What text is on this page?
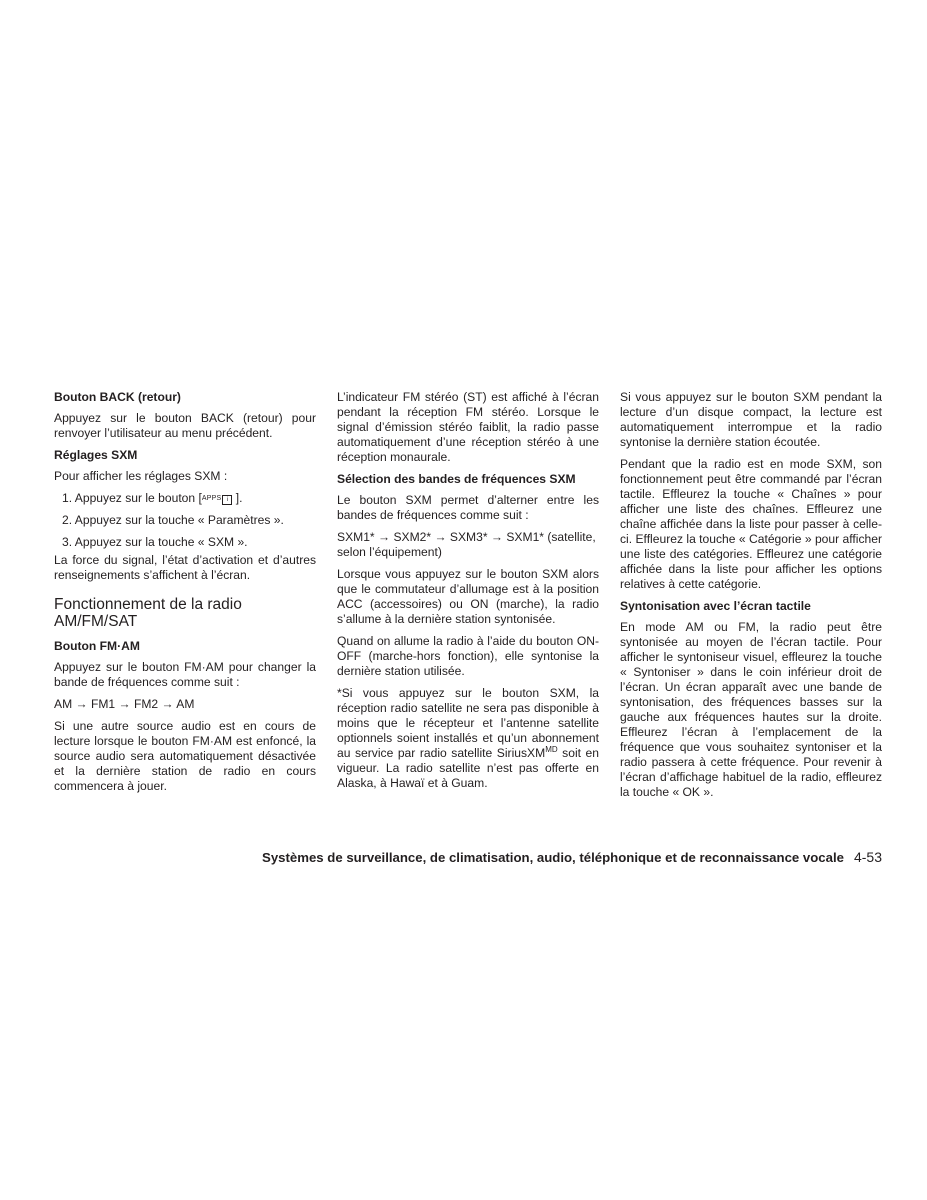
Bouton BACK (retour)

Appuyez sur le bouton BACK (retour) pour renvoyer l’utilisateur au menu précédent.

Réglages SXM

Pour afficher les réglages SXM :

1. Appuyez sur le bouton [APPS i ].
2. Appuyez sur la touche « Paramètres ».
3. Appuyez sur la touche « SXM ».

La force du signal, l’état d’activation et d’autres renseignements s’affichent à l’écran.

Fonctionnement de la radio AM/FM/SAT
Bouton FM·AM

Appuyez sur le bouton FM·AM pour changer la bande de fréquences comme suit :

AM → FM1 → FM2 → AM

Si une autre source audio est en cours de lecture lorsque le bouton FM·AM est enfoncé, la source audio sera automatiquement désactivée et la dernière station de radio en cours commencera à jouer.

L’indicateur FM stéréo (ST) est affiché à l’écran pendant la réception FM stéréo. Lorsque le signal d’émission stéréo faiblit, la radio passe automatiquement d’une réception stéréo à une réception monaurale.

Sélection des bandes de fréquences SXM

Le bouton SXM permet d’alterner entre les bandes de fréquences comme suit :

SXM1* → SXM2* → SXM3* → SXM1* (satellite, selon l’équipement)

Lorsque vous appuyez sur le bouton SXM alors que le commutateur d’allumage est à la position ACC (accessoires) ou ON (marche), la radio s’allume à la dernière station syntonisée.

Quand on allume la radio à l’aide du bouton ON-OFF (marche-hors fonction), elle syntonise la dernière station utilisée.

*Si vous appuyez sur le bouton SXM, la réception radio satellite ne sera pas disponible à moins que le récepteur et l’antenne satellite optionnels soient installés et qu’un abonnement au service par radio satellite SiriusXM$^{MD}$ soit en vigueur. La radio satellite n’est pas offerte en Alaska, à Hawaï et à Guam.

Si vous appuyez sur le bouton SXM pendant la lecture d’un disque compact, la lecture est automatiquement interrompue et la radio syntonise la dernière station écoutée.

Pendant que la radio est en mode SXM, son fonctionnement peut être commandé par l’écran tactile. Effleurez la touche « Chaînes » pour afficher une liste des chaînes. Effleurez une chaîne affichée dans la liste pour passer à celle-ci. Effleurez la touche « Catégorie » pour afficher une liste des catégories. Effleurez une catégorie affichée dans la liste pour afficher les options relatives à cette catégorie.

Syntonisation avec l’écran tactile

En mode AM ou FM, la radio peut être syntonisée au moyen de l’écran tactile. Pour afficher le syntoniseur visuel, effleurez la touche « Syntoniser » dans le coin inférieur droit de l’écran. Un écran apparaît avec une bande de syntonisation, des fréquences basses sur la gauche aux fréquences hautes sur la droite. Effleurez l’écran à l’emplacement de la fréquence que vous souhaitez syntoniser et la radio passera à cette fréquence. Pour revenir à l’écran d’affichage habituel de la radio, effleurez la touche « OK ».

Systèmes de surveillance, de climatisation, audio, téléphonique et de reconnaissance vocale 4-53
